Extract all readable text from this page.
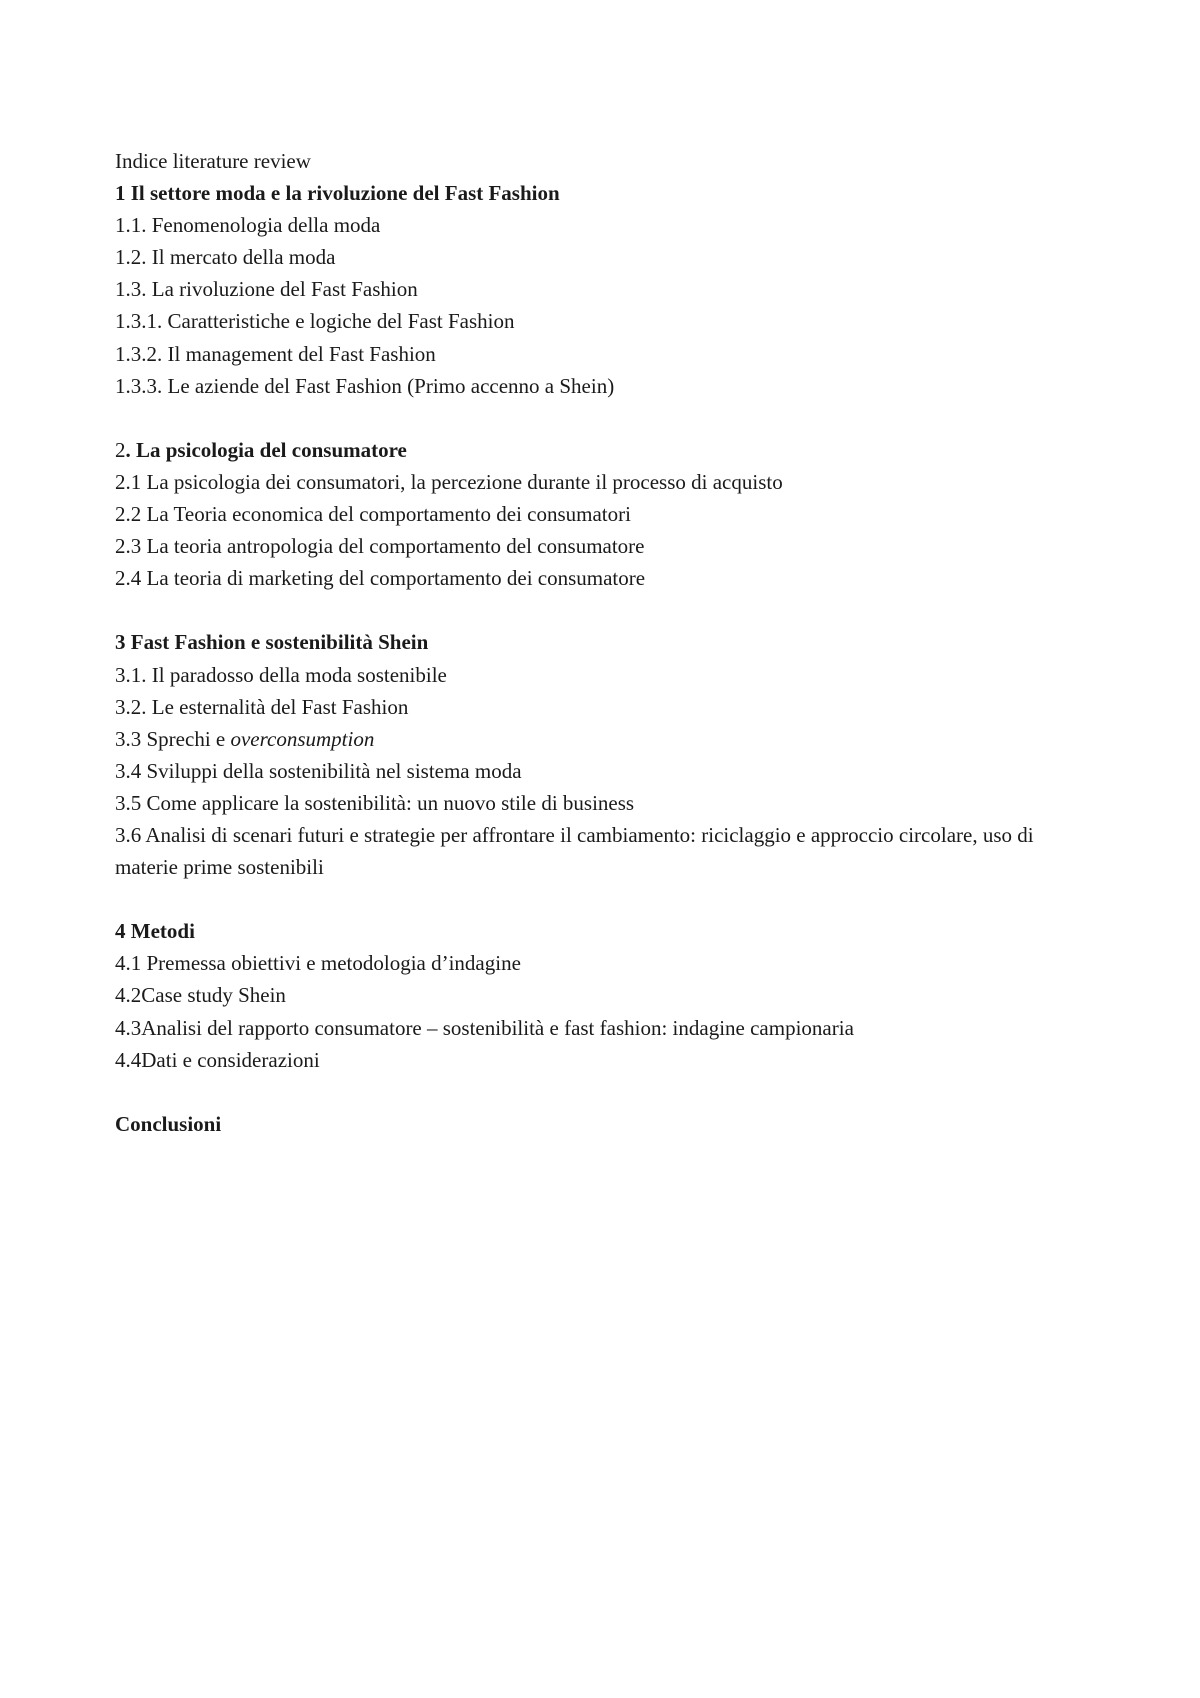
Indice literature review
1 Il settore moda e la rivoluzione del Fast Fashion
1.1. Fenomenologia della moda
1.2. Il mercato della moda
1.3. La rivoluzione del Fast Fashion
1.3.1. Caratteristiche e logiche del Fast Fashion
1.3.2. Il management del Fast Fashion
1.3.3. Le aziende del Fast Fashion (Primo accenno a Shein)
2. La psicologia del consumatore
2.1 La psicologia dei consumatori, la percezione durante il processo di acquisto
2.2 La Teoria economica del comportamento dei consumatori
2.3 La teoria antropologia del comportamento del consumatore
2.4 La teoria di marketing del comportamento dei consumatore
3 Fast Fashion e sostenibilità Shein
3.1. Il paradosso della moda sostenibile
3.2. Le esternalità del Fast Fashion
3.3 Sprechi e overconsumption
3.4 Sviluppi della sostenibilità nel sistema moda
3.5 Come applicare la sostenibilità: un nuovo stile di business
3.6 Analisi di scenari futuri e strategie per affrontare il cambiamento: riciclaggio e approccio circolare, uso di materie prime sostenibili
4 Metodi
4.1 Premessa obiettivi e metodologia d’indagine
4.2Case study Shein
4.3Analisi del rapporto consumatore – sostenibilità e fast fashion: indagine campionaria
4.4Dati e considerazioni
Conclusioni
